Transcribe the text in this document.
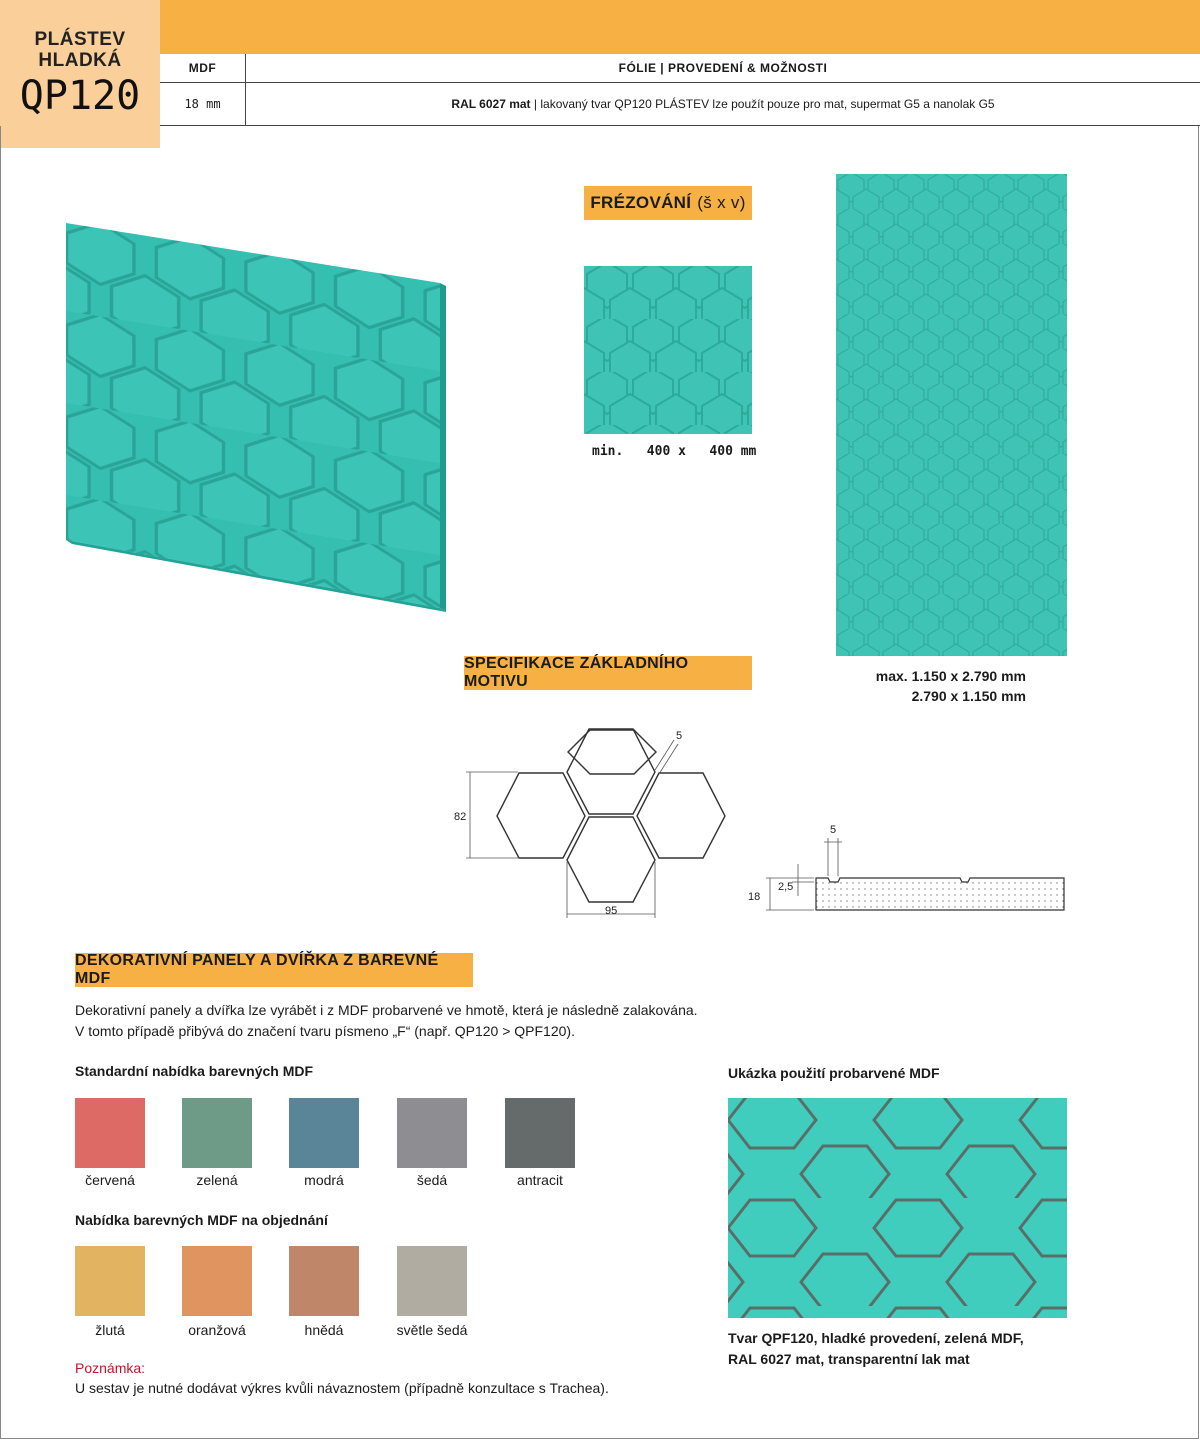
PLÁSTEV
HLADKÁ
QP120
MDF	FÓLIE | PROVEDENÍ & MOŽNOSTI
18 mm	RAL 6027 mat | lakovaný tvar QP120 PLÁSTEV lze použít pouze pro mat, supermat G5 a nanolak G5
FRÉZOVÁNÍ (š x v)
min. 400 x 400 mm
max. 1.150 x 2.790 mm
2.790 x 1.150 mm
SPECIFIKACE ZÁKLADNÍHO MOTIVU
82
95
5
5
2,5
18
DEKORATIVNÍ PANELY A DVÍŘKA Z BAREVNÉ MDF
Dekorativní panely a dvířka lze vyrábět i z MDF probarvené ve hmotě, která je následně zalakována.
V tomto případě přibývá do značení tvaru písmeno „F“ (např. QP120 > QPF120).
Standardní nabídka barevných MDF
červená	zelená	modrá	šedá	antracit
Nabídka barevných MDF na objednání
žlutá	oranžová	hnědá	světle šedá
Ukázka použití probarvené MDF
Tvar QPF120, hladké provedení, zelená MDF,
RAL 6027 mat, transparentní lak mat
Poznámka:
U sestav je nutné dodávat výkres kvůli návaznostem (případně konzultace s Trachea).
